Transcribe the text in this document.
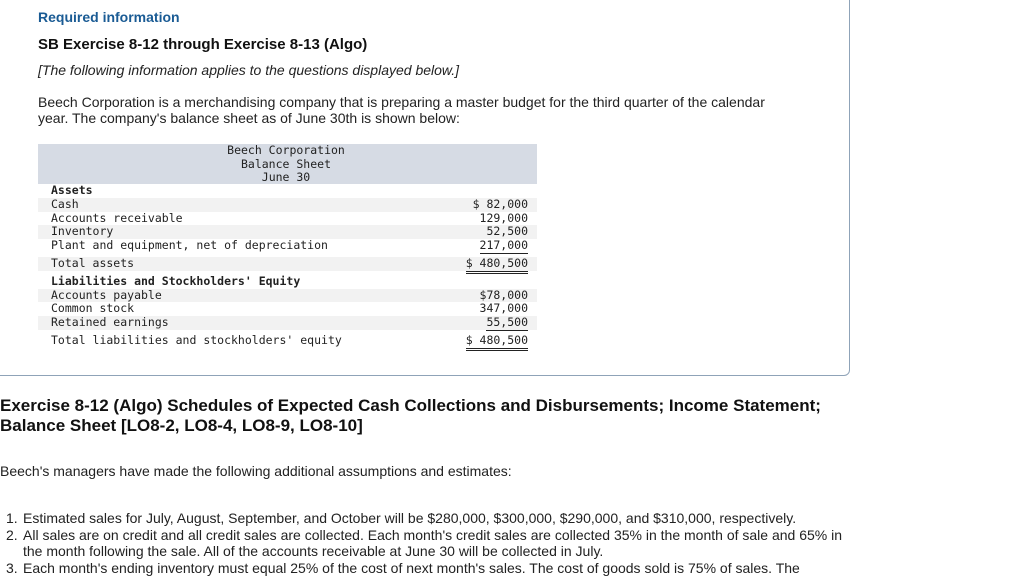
Required information
SB Exercise 8-12 through Exercise 8-13 (Algo)
[The following information applies to the questions displayed below.]
Beech Corporation is a merchandising company that is preparing a master budget for the third quarter of the calendar year. The company's balance sheet as of June 30th is shown below:
Beech Corporation
Balance Sheet
June 30
Assets
Cash	$ 82,000
Accounts receivable	129,000
Inventory	52,500
Plant and equipment, net of depreciation	217,000
Total assets	$ 480,500
Liabilities and Stockholders' Equity
Accounts payable	$78,000
Common stock	347,000
Retained earnings	55,500
Total liabilities and stockholders' equity	$ 480,500
Exercise 8-12 (Algo) Schedules of Expected Cash Collections and Disbursements; Income Statement; Balance Sheet [LO8-2, LO8-4, LO8-9, LO8-10]
Beech's managers have made the following additional assumptions and estimates:
1. Estimated sales for July, August, September, and October will be $280,000, $300,000, $290,000, and $310,000, respectively.
2. All sales are on credit and all credit sales are collected. Each month's credit sales are collected 35% in the month of sale and 65% in the month following the sale. All of the accounts receivable at June 30 will be collected in July.
3. Each month's ending inventory must equal 25% of the cost of next month's sales. The cost of goods sold is 75% of sales. The
